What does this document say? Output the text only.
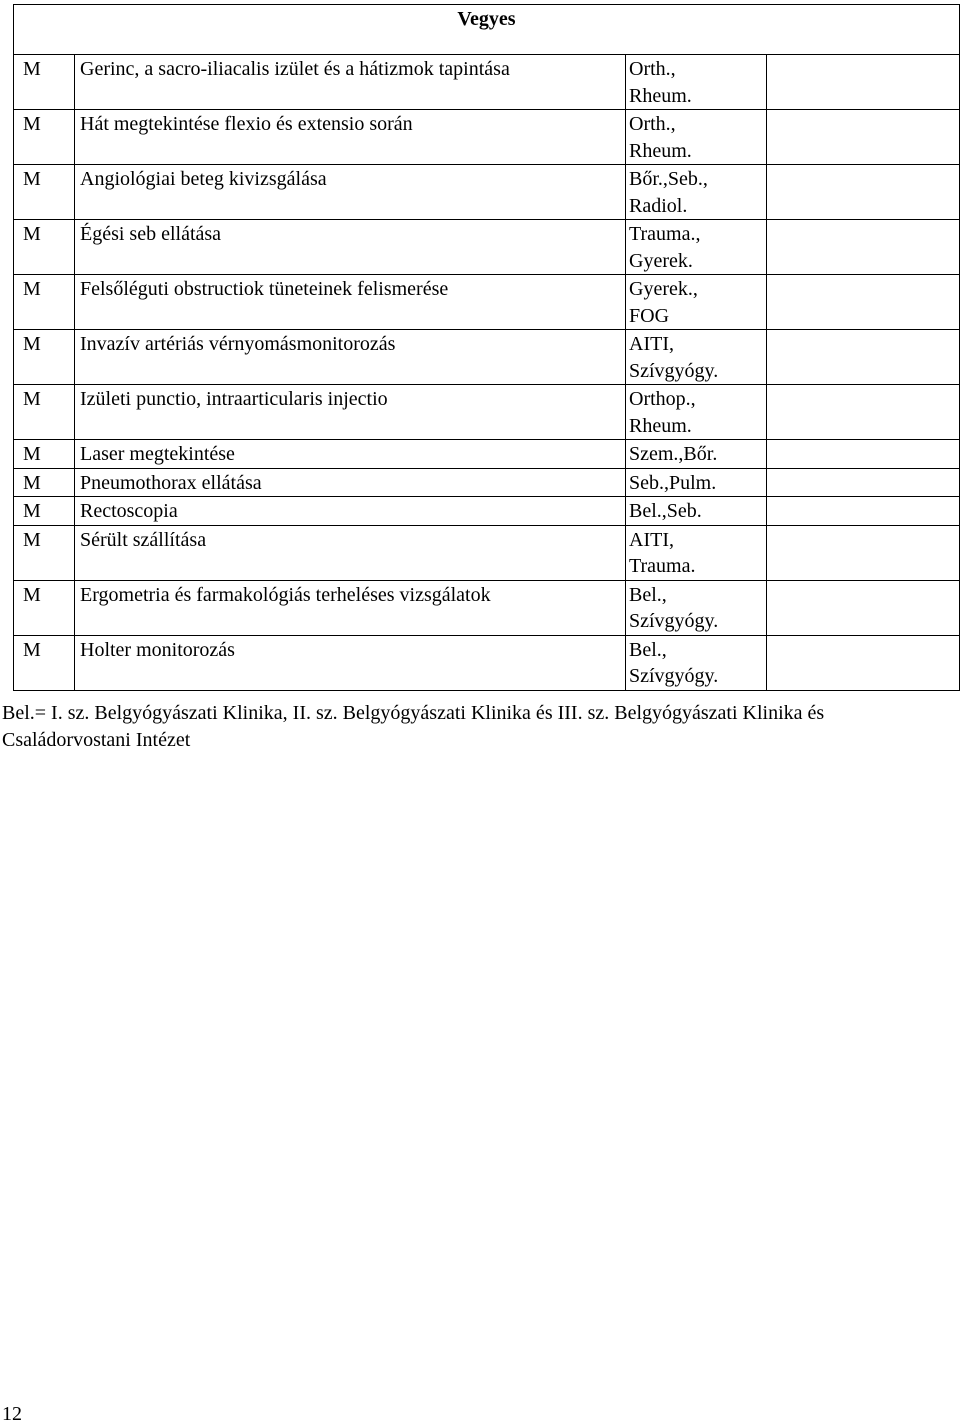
Vegyes			
M	Gerinc, a sacro-iliacalis izület és a hátizmok tapintása	Orth.,
Rheum.	

M	Hát megtekintése flexio és extensio során	Orth.,
Rheum.	

M	Angiológiai beteg kivizsgálása	Bőr.,Seb.,
Radiol.	

M	Égési seb ellátása	Trauma.,
Gyerek.	

M	Felsőléguti obstructiok tüneteinek felismerése	Gyerek.,
FOG	

M	Invazív artériás vérnyomásmonitorozás	AITI,
Szívgyógy.	

M	Izületi punctio, intraarticularis injectio	Orthop.,
Rheum.	

M	Laser megtekintése	Szem.,Bőr.	

M	Pneumothorax ellátása	Seb.,Pulm.	

M	Rectoscopia	Bel.,Seb.	

M	Sérült szállítása	AITI,
Trauma.	

M	Ergometria és farmakológiás terheléses vizsgálatok	Bel.,
Szívgyógy.	

M	Holter monitorozás	Bel.,
Szívgyógy.	

Bel.= I. sz. Belgyógyászati Klinika, II. sz. Belgyógyászati Klinika és III. sz. Belgyógyászati Klinika és
Családorvostani Intézet
12
